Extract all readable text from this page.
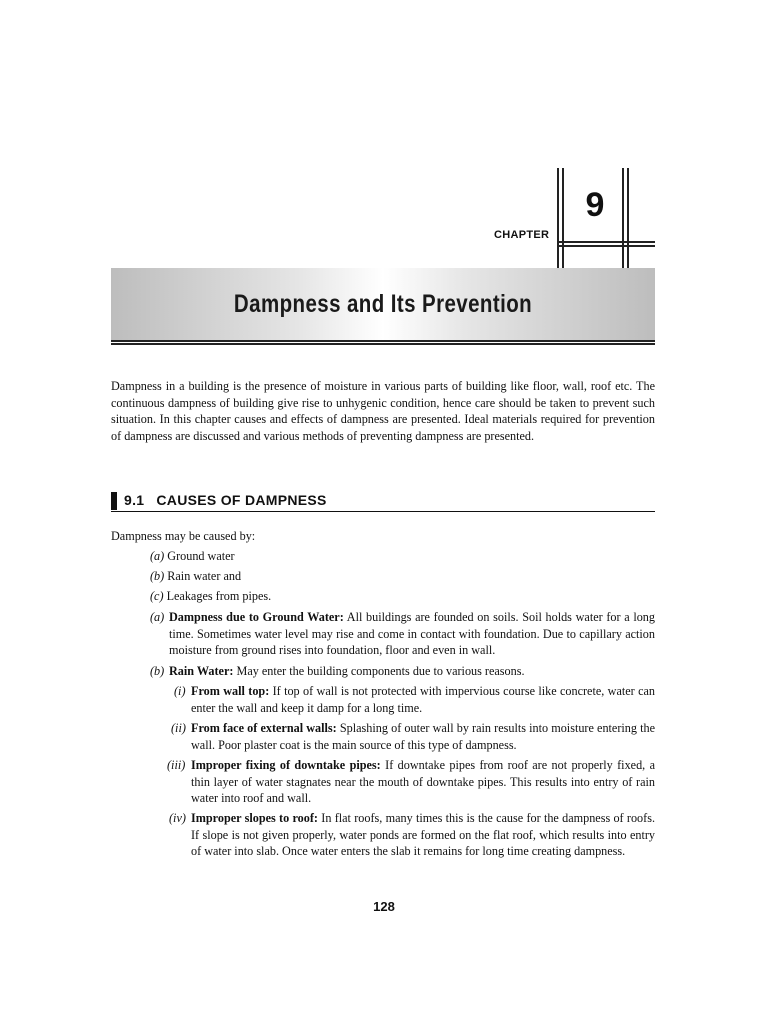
CHAPTER
9
Dampness and Its Prevention
Dampness in a building is the presence of moisture in various parts of building like floor, wall, roof etc. The continuous dampness of building give rise to unhygenic condition, hence care should be taken to prevent such situation. In this chapter causes and effects of dampness are presented. Ideal materials required for prevention of dampness are discussed and various methods of preventing dampness are presented.
9.1 CAUSES OF DAMPNESS
Dampness may be caused by:
(a) Ground water
(b) Rain water and
(c) Leakages from pipes.
(a) Dampness due to Ground Water: All buildings are founded on soils. Soil holds water for a long time. Sometimes water level may rise and come in contact with foundation. Due to capillary action moisture from ground rises into foundation, floor and even in wall.
(b) Rain Water: May enter the building components due to various reasons.
(i) From wall top: If top of wall is not protected with impervious course like concrete, water can enter the wall and keep it damp for a long time.
(ii) From face of external walls: Splashing of outer wall by rain results into moisture entering the wall. Poor plaster coat is the main source of this type of dampness.
(iii) Improper fixing of downtake pipes: If downtake pipes from roof are not properly fixed, a thin layer of water stagnates near the mouth of downtake pipes. This results into entry of rain water into roof and wall.
(iv) Improper slopes to roof: In flat roofs, many times this is the cause for the dampness of roofs. If slope is not given properly, water ponds are formed on the flat roof, which results into entry of water into slab. Once water enters the slab it remains for long time creating dampness.
128
